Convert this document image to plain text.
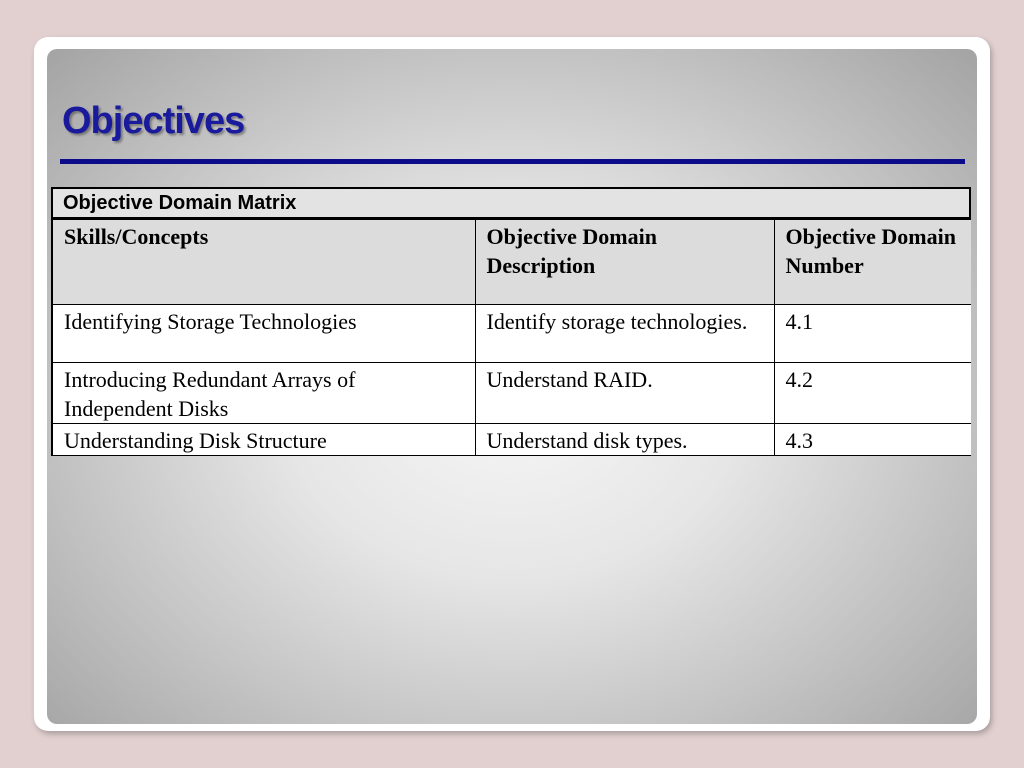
Objectives
Objective Domain Matrix
Skills/Concepts	Objective Domain Description	Objective Domain Number
Identifying Storage Technologies	Identify storage technologies.	4.1
Introducing Redundant Arrays of Independent Disks	Understand RAID.	4.2
Understanding Disk Structure	Understand disk types.	4.3
